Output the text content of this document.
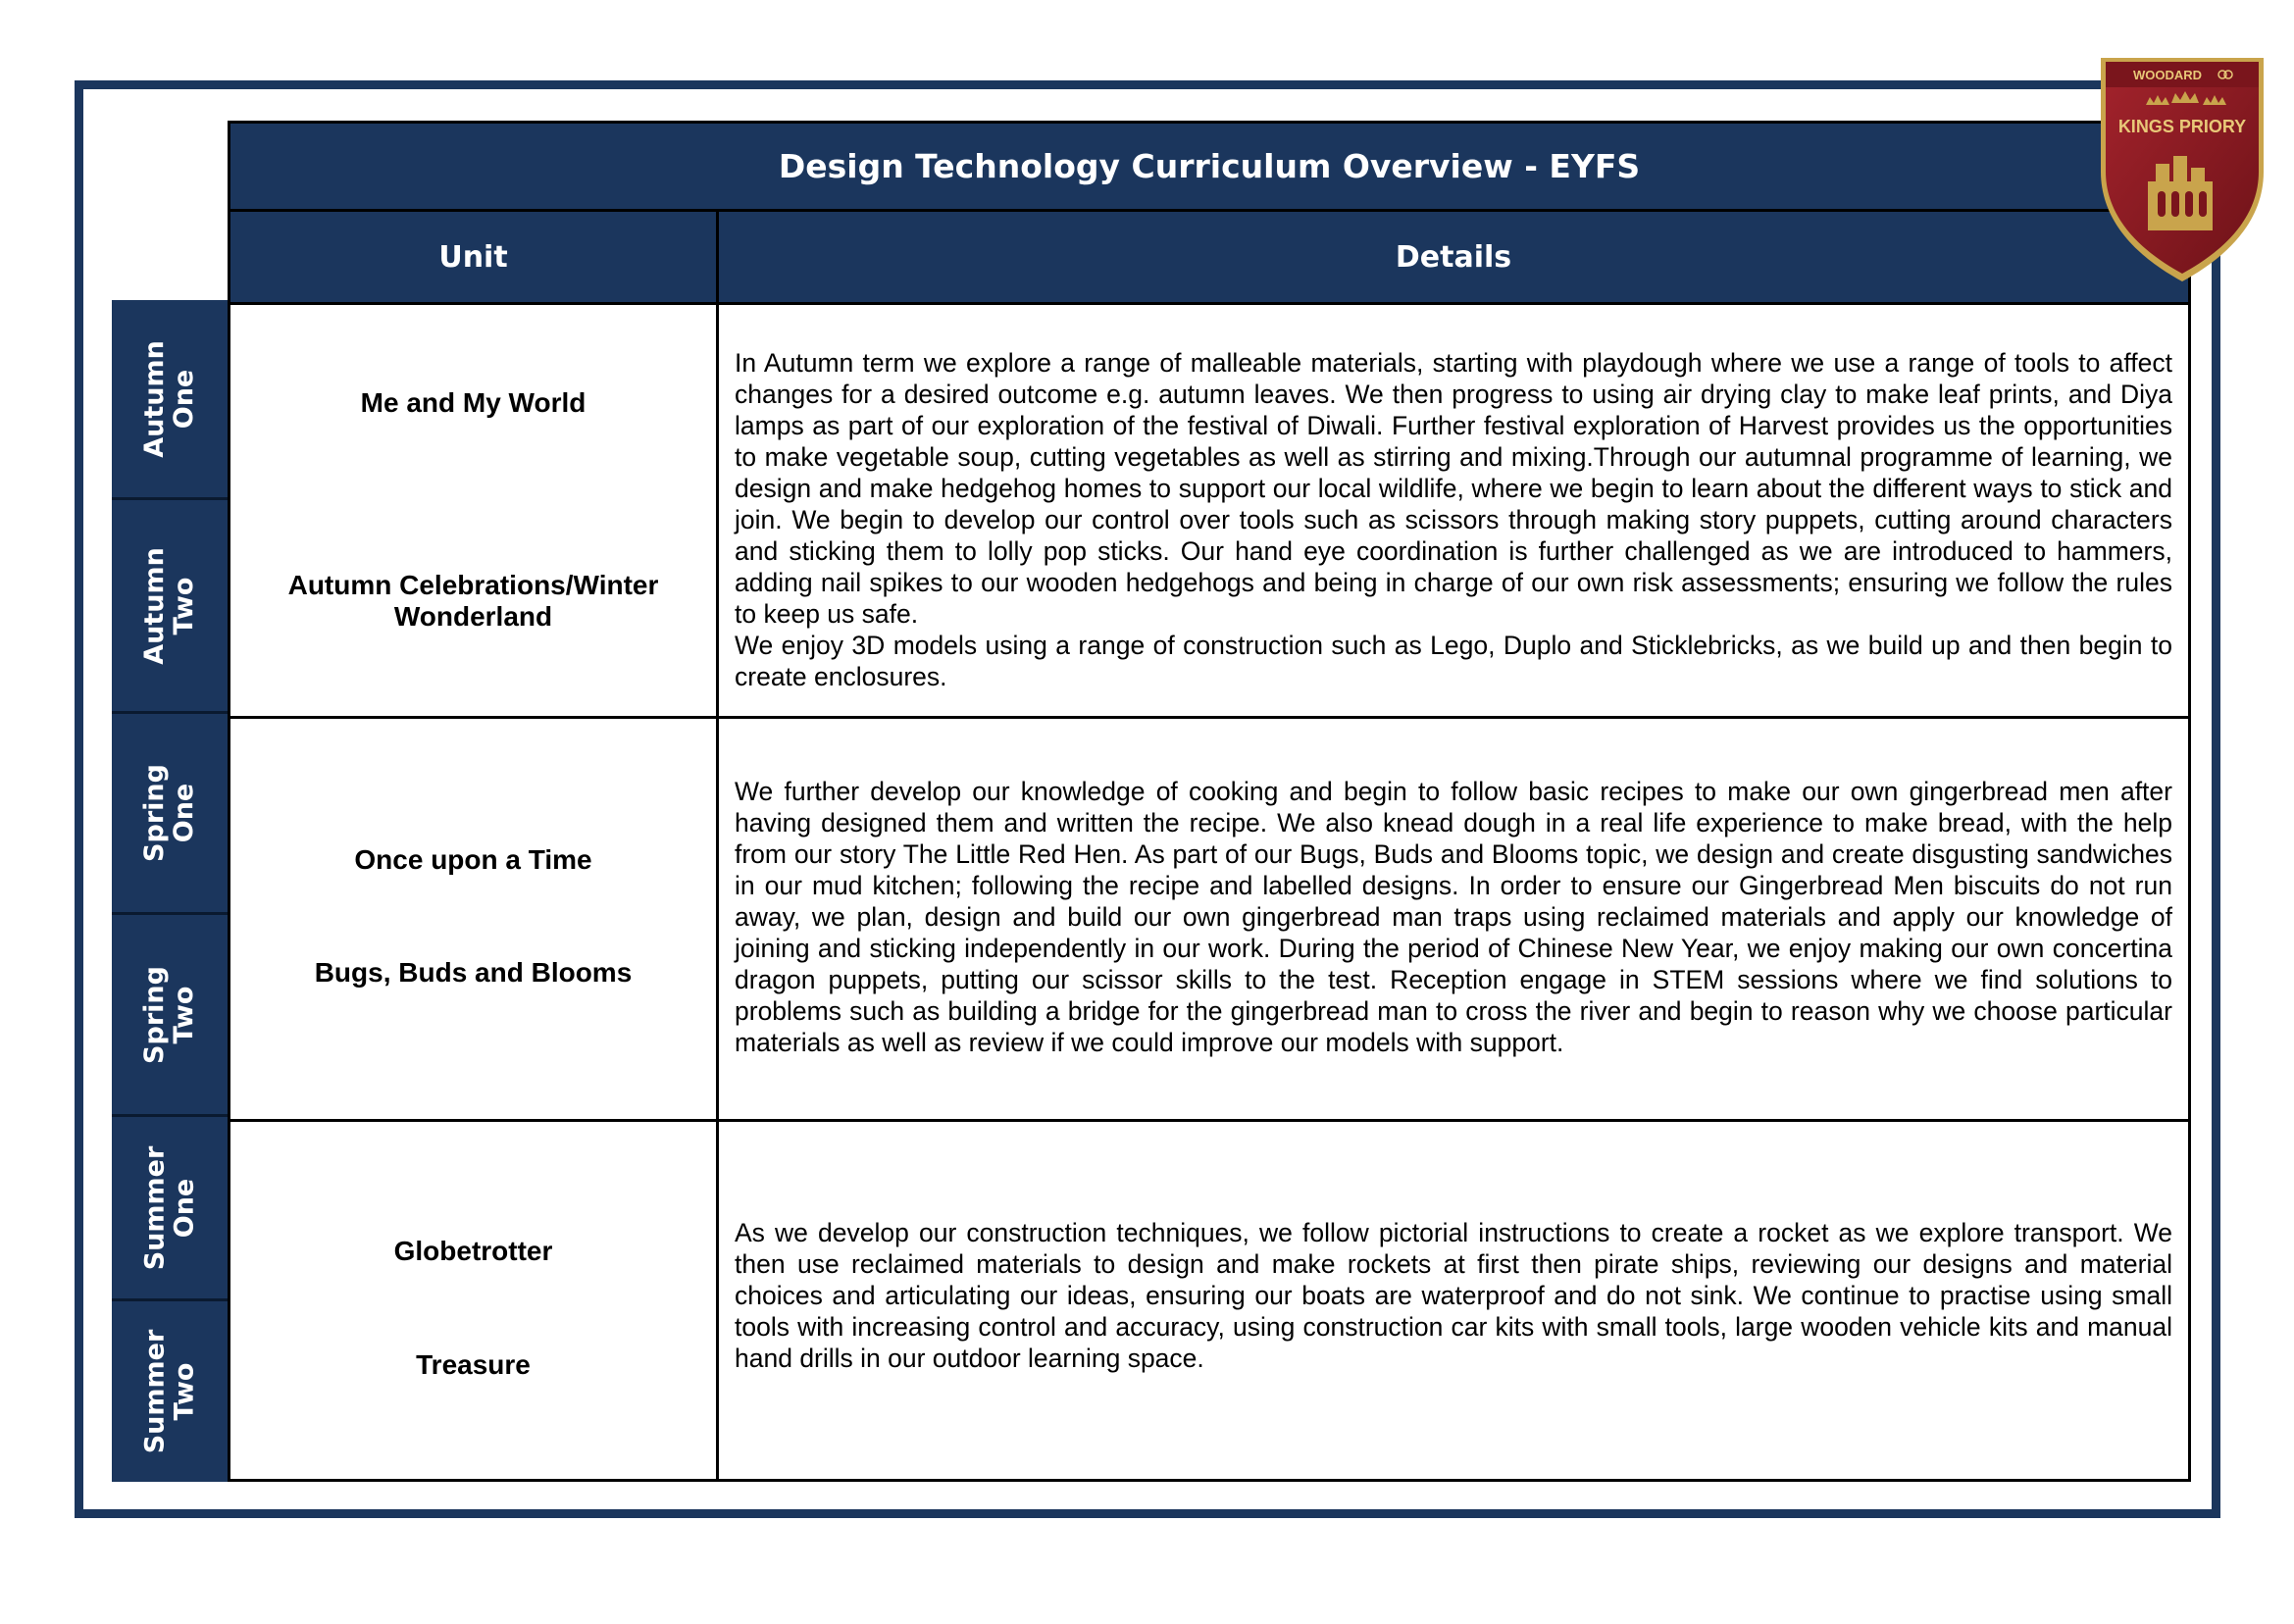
Autumn One
Autumn Two
Spring One
Spring Two
Summer One
Summer Two
Design Technology Curriculum Overview - EYFS
Unit	Details
Me and My World
Autumn Celebrations/Winter Wonderland

In Autumn term we explore a range of malleable materials, starting with playdough where we use a range of tools to affect changes for a desired outcome e.g. autumn leaves. We then progress to using air drying clay to make leaf prints, and Diya lamps as part of our exploration of the festival of Diwali. Further festival exploration of Harvest provides us the opportunities to make vegetable soup, cutting vegetables as well as stirring and mixing.Through our autumnal programme of learning, we design and make hedgehog homes to support our local wildlife, where we begin to learn about the different ways to stick and join. We begin to develop our control over tools such as scissors through making story puppets, cutting around characters and sticking them to lolly pop sticks. Our hand eye coordination is further challenged as we are introduced to hammers, adding nail spikes to our wooden hedgehogs and being in charge of our own risk assessments; ensuring we follow the rules to keep us safe.

We enjoy 3D models using a range of construction such as Lego, Duplo and Sticklebricks, as we build up and then begin to create enclosures.

Once upon a Time
Bugs, Buds and Blooms

We further develop our knowledge of cooking and begin to follow basic recipes to make our own gingerbread men after having designed them and written the recipe. We also knead dough in a real life experience to make bread, with the help from our story The Little Red Hen. As part of our Bugs, Buds and Blooms topic, we design and create disgusting sandwiches in our mud kitchen; following the recipe and labelled designs. In order to ensure our Gingerbread Men biscuits do not run away, we plan, design and build our own gingerbread man traps using reclaimed materials and apply our knowledge of joining and sticking independently in our work. During the period of Chinese New Year, we enjoy making our own concertina dragon puppets, putting our scissor skills to the test. Reception engage in STEM sessions where we find solutions to problems such as building a bridge for the gingerbread man to cross the river and begin to reason why we choose particular materials as well as review if we could improve our models with support.

Globetrotter
Treasure

As we develop our construction techniques, we follow pictorial instructions to create a rocket as we explore transport. We then use reclaimed materials to design and make rockets at first then pirate ships, reviewing our designs and material choices and articulating our ideas, ensuring our boats are waterproof and do not sink. We continue to practise using small tools with increasing control and accuracy, using construction car kits with small tools, large wooden vehicle kits and manual hand drills in our outdoor learning space.

WOODARD
KINGS PRIORY
